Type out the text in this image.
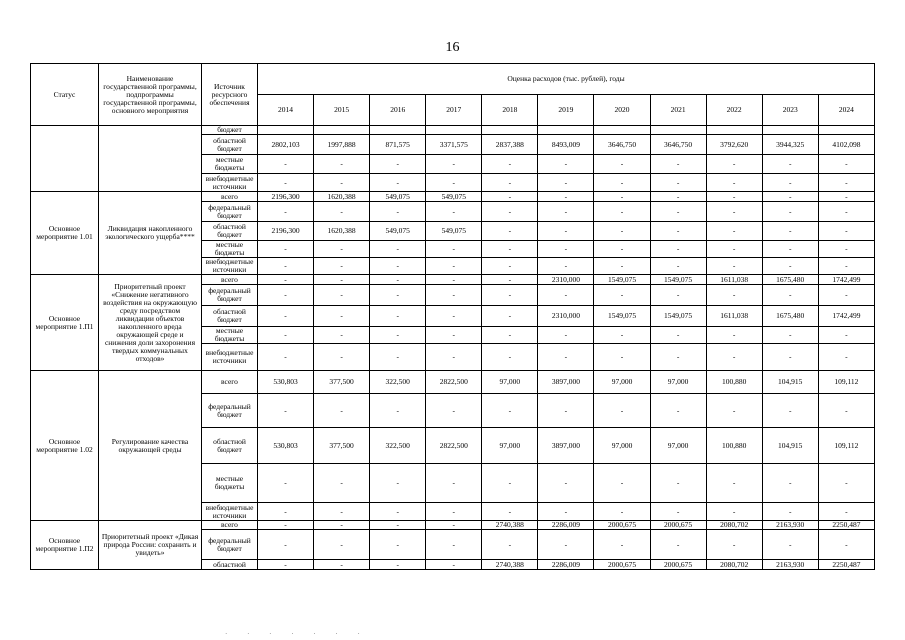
16
Статус	Наименование государственной программы, подпрограммы государственной программы, основного мероприятия	Источник ресурсного обеспечения	Оценка расходов (тыс. рублей), годы										
			2014	2015	2016	2017	2018	2019	2020	2021	2022	2023	2024
		бюджет											
		областной бюджет	2802,103	1997,888	871,575	3371,575	2837,388	8493,009	3646,750	3646,750	3792,620	3944,325	4102,098
		местные бюджеты	-	-	-	-	-	-	-	-	-	-	-
		внебюджетные источники	-	-	-	-	-	-	-	-	-	-	-
Основное мероприятие 1.01	Ликвидация накопленного экологического ущерба****	всего	2196,300	1620,388	549,075	549,075	-	-	-	-	-	-	-
		федеральный бюджет	-	-	-	-	-	-	-	-	-	-	-
		областной бюджет	2196,300	1620,388	549,075	549,075	-	-	-	-	-	-	-
		местные бюджеты	-	-	-	-	-	-	-	-	-	-	-
		внебюджетные источники	-	-	-	-	-	-	-	-	-	-	-
Основное мероприятие 1.П1	Приоритетный проект «Снижение негативного воздействия на окружающую среду посредством ликвидации объектов накопленного вреда окружающей среде и снижения доли захоронения твердых коммунальных отходов»	всего	-	-	-	-	-	2310,000	1549,075	1549,075	1611,038	1675,480	1742,499
		федеральный бюджет	-	-	-	-	-	-	-	-	-	-	-
		областной бюджет	-	-	-	-	-	2310,000	1549,075	1549,075	1611,038	1675,480	1742,499
		местные бюджеты	-	-	-	-	-	-	-	-	-	-	-
		внебюджетные источники	-	-	-	-	-	-	-	-	-	-	-
Основное мероприятие 1.02	Регулирование качества окружающей среды	всего	530,803	377,500	322,500	2822,500	97,000	3897,000	97,000	97,000	100,880	104,915	109,112
		федеральный бюджет	-	-	-	-	-	-	-	-	-	-	-
		областной бюджет	530,803	377,500	322,500	2822,500	97,000	3897,000	97,000	97,000	100,880	104,915	109,112
		местные бюджеты	-	-	-	-	-	-	-	-	-	-	-
		внебюджетные источники	-	-	-	-	-	-	-	-	-	-	-
Основное мероприятие 1.П2	Приоритетный проект «Дикая природа России: сохранить и увидеть»	всего	-	-	-	-	2740,388	2286,009	2000,675	2000,675	2080,702	2163,930	2250,487
		федеральный бюджет	-	-	-	-	-	-	-	-	-	-	-
		областной	-	-	-	-	2740,388	2286,009	2000,675	2000,675	2080,702	2163,930	2250,487
· · · · · · ·
